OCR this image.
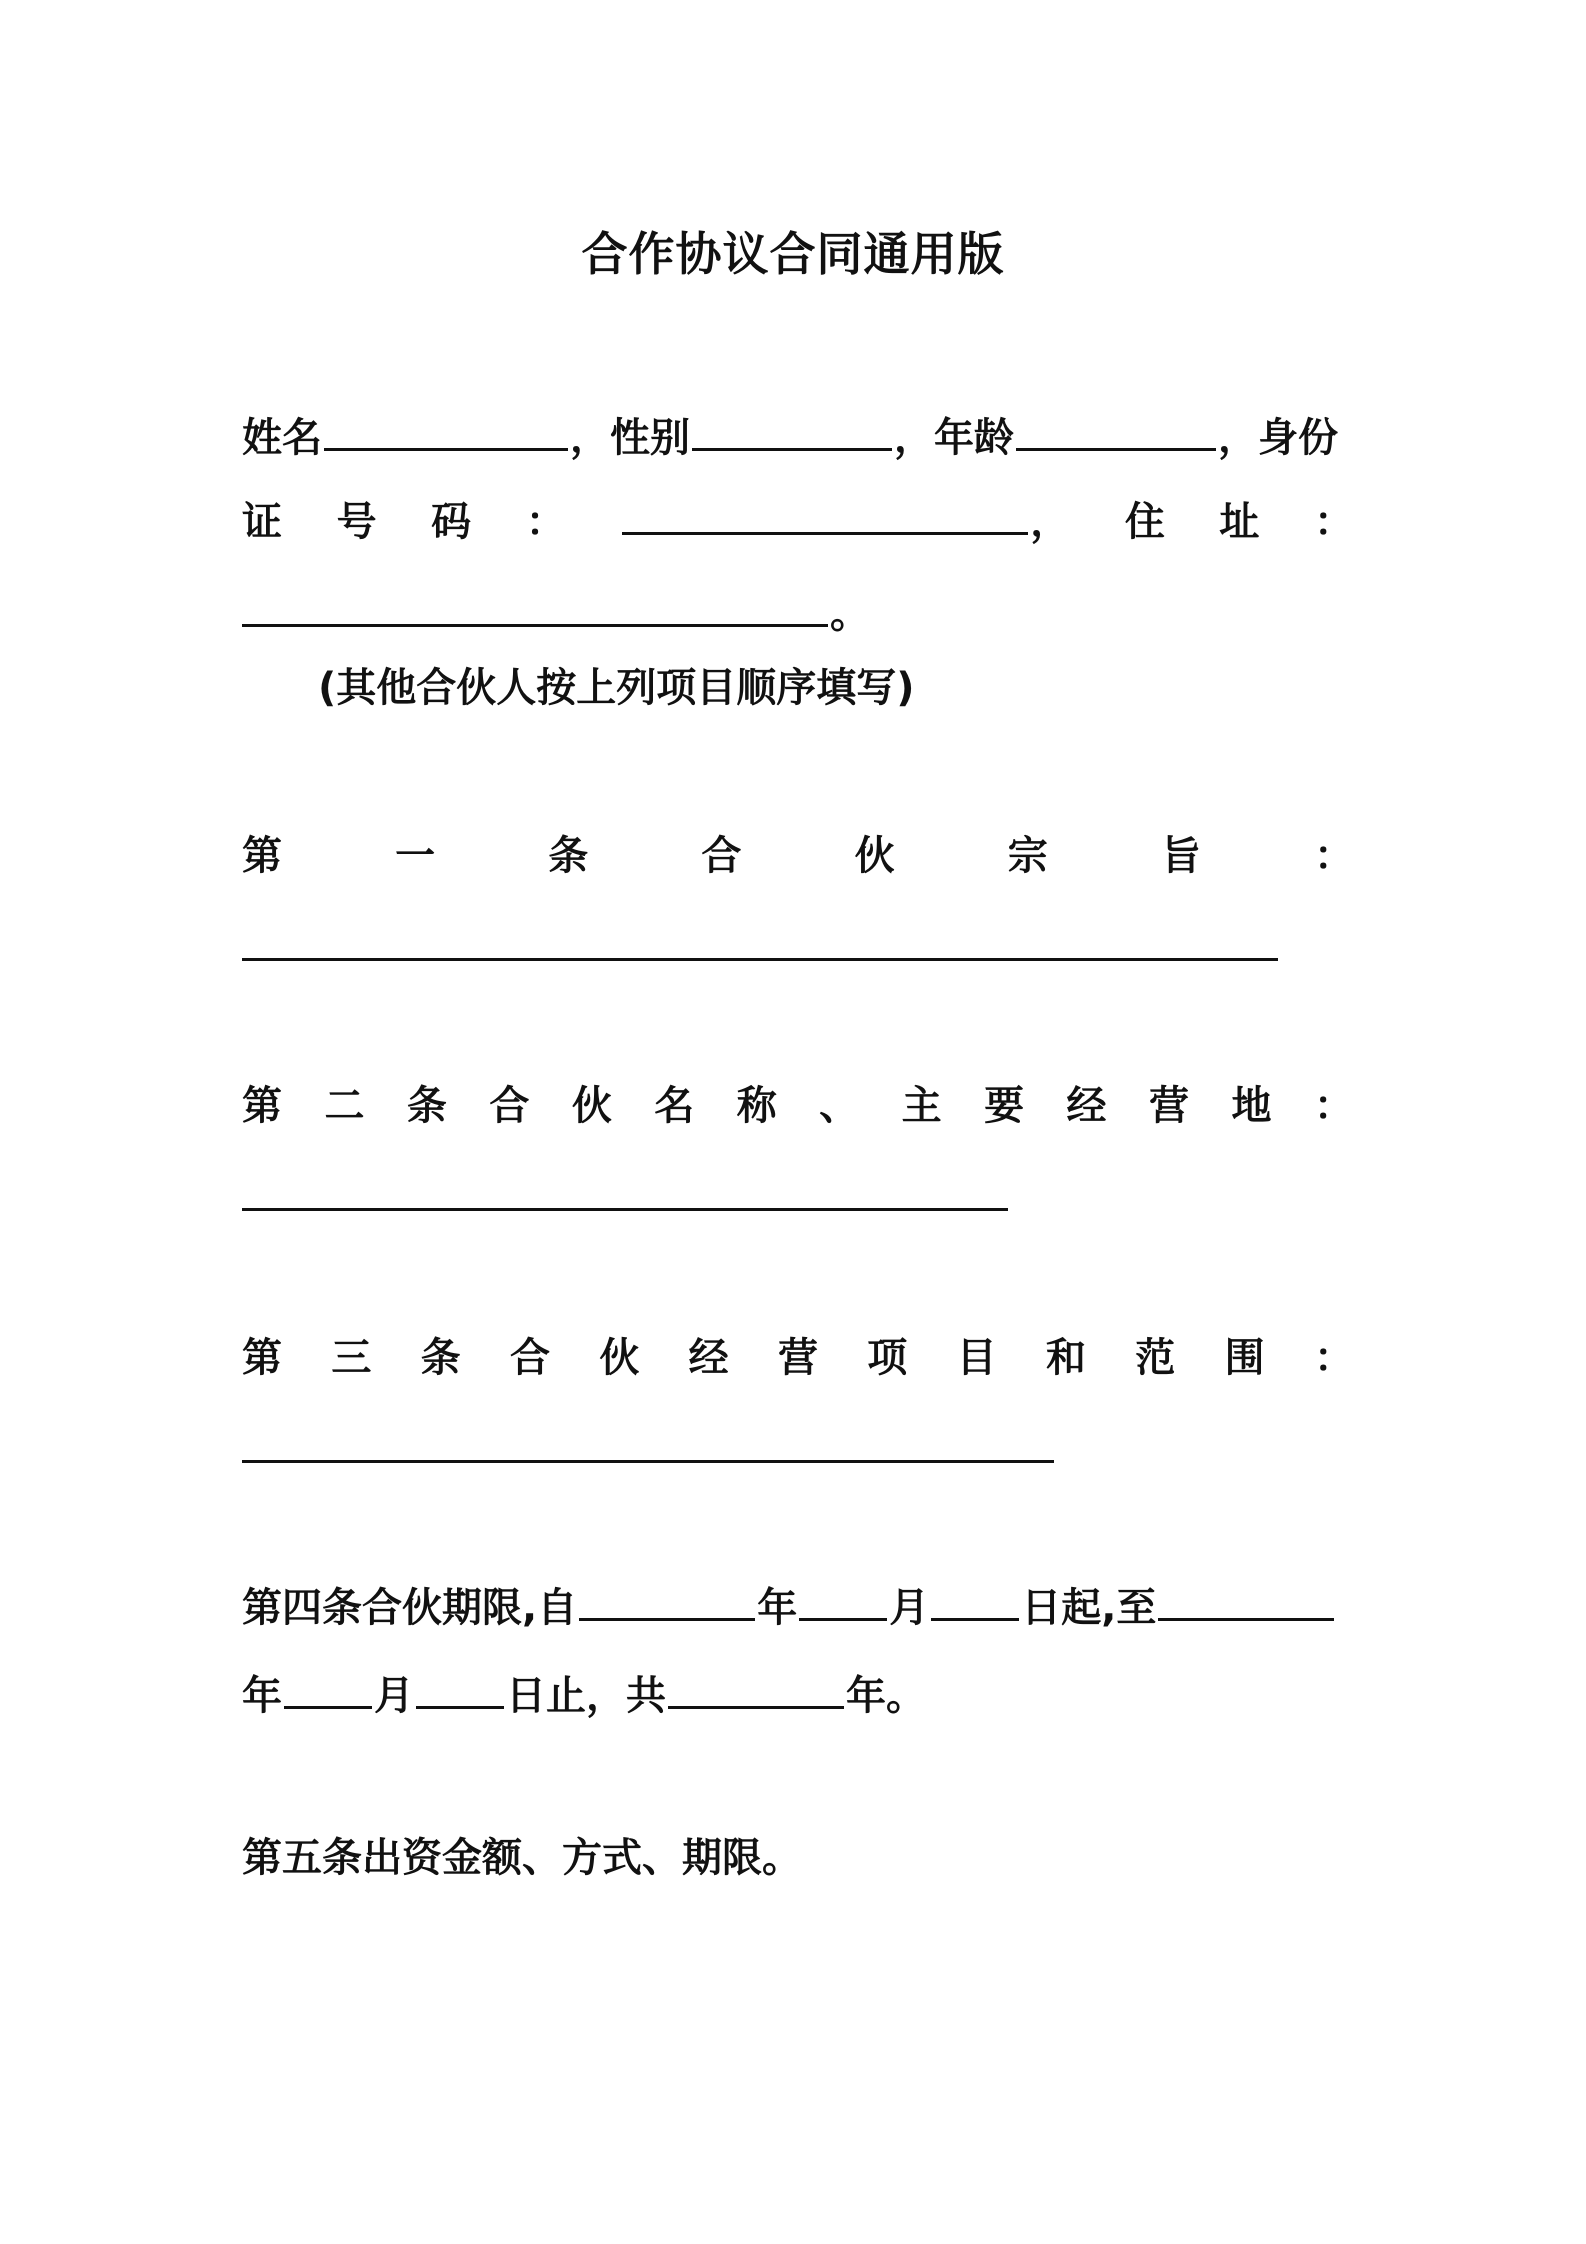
合作协议合同通用版
姓名	，性别	，年龄	，身份
证 号 码 ：	， 住 址 ：
。
(其他合伙人按上列项目顺序填写)
第	一	条	合	伙	宗	旨	：
第 二 条 合 伙 名 称 、 主 要 经 营 地 ：
第 三 条 合 伙 经 营 项 目 和 范 围 ：
第四条合伙期限,自	年 月 日起,至
年 月 日止，共	年。
第五条出资金额、方式、期限。
